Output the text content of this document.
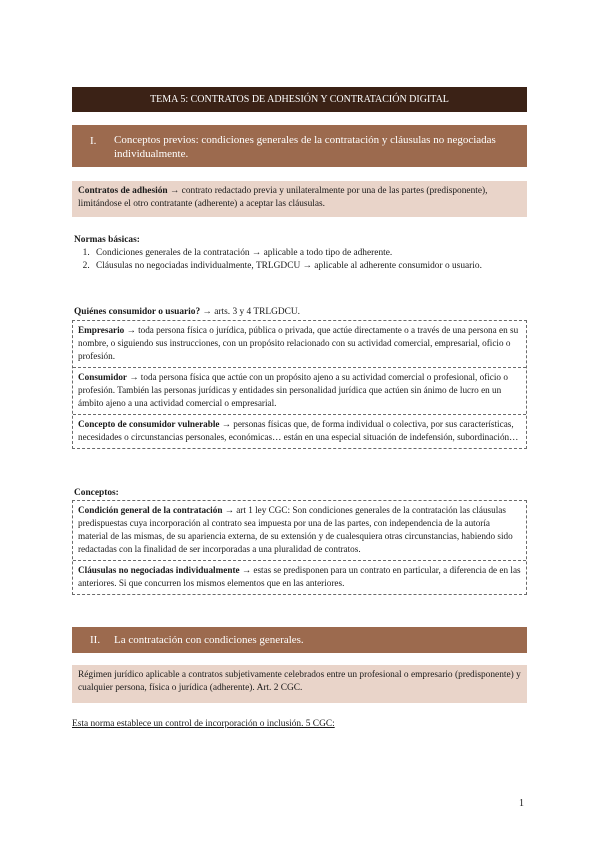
TEMA 5: CONTRATOS DE ADHESIÓN Y CONTRATACIÓN DIGITAL
I. Conceptos previos: condiciones generales de la contratación y cláusulas no negociadas individualmente.
Contratos de adhesión → contrato redactado previa y unilateralmente por una de las partes (predisponente), limitándose el otro contratante (adherente) a aceptar las cláusulas.
Normas básicas:
1. Condiciones generales de la contratación → aplicable a todo tipo de adherente.
2. Cláusulas no negociadas individualmente, TRLGDCU → aplicable al adherente consumidor o usuario.
Quiénes consumidor o usuario? → arts. 3 y 4 TRLGDCU.
Empresario → toda persona física o jurídica, pública o privada, que actúe directamente o a través de una persona en su nombre, o siguiendo sus instrucciones, con un propósito relacionado con su actividad comercial, empresarial, oficio o profesión.
Consumidor → toda persona física que actúe con un propósito ajeno a su actividad comercial o profesional, oficio o profesión. También las personas jurídicas y entidades sin personalidad jurídica que actúen sin ánimo de lucro en un ámbito ajeno a una actividad comercial o empresarial.
Concepto de consumidor vulnerable → personas físicas que, de forma individual o colectiva, por sus características, necesidades o circunstancias personales, económicas… están en una especial situación de indefensión, subordinación…
Conceptos:
Condición general de la contratación → art 1 ley CGC: Son condiciones generales de la contratación las cláusulas predispuestas cuya incorporación al contrato sea impuesta por una de las partes, con independencia de la autoría material de las mismas, de su apariencia externa, de su extensión y de cualesquiera otras circunstancias, habiendo sido redactadas con la finalidad de ser incorporadas a una pluralidad de contratos.
Cláusulas no negociadas individualmente → estas se predisponen para un contrato en particular, a diferencia de en las anteriores. Si que concurren los mismos elementos que en las anteriores.
II. La contratación con condiciones generales.
Régimen jurídico aplicable a contratos subjetivamente celebrados entre un profesional o empresario (predisponente) y cualquier persona, física o jurídica (adherente). Art. 2 CGC.
Esta norma establece un control de incorporación o inclusión. 5 CGC:
1
